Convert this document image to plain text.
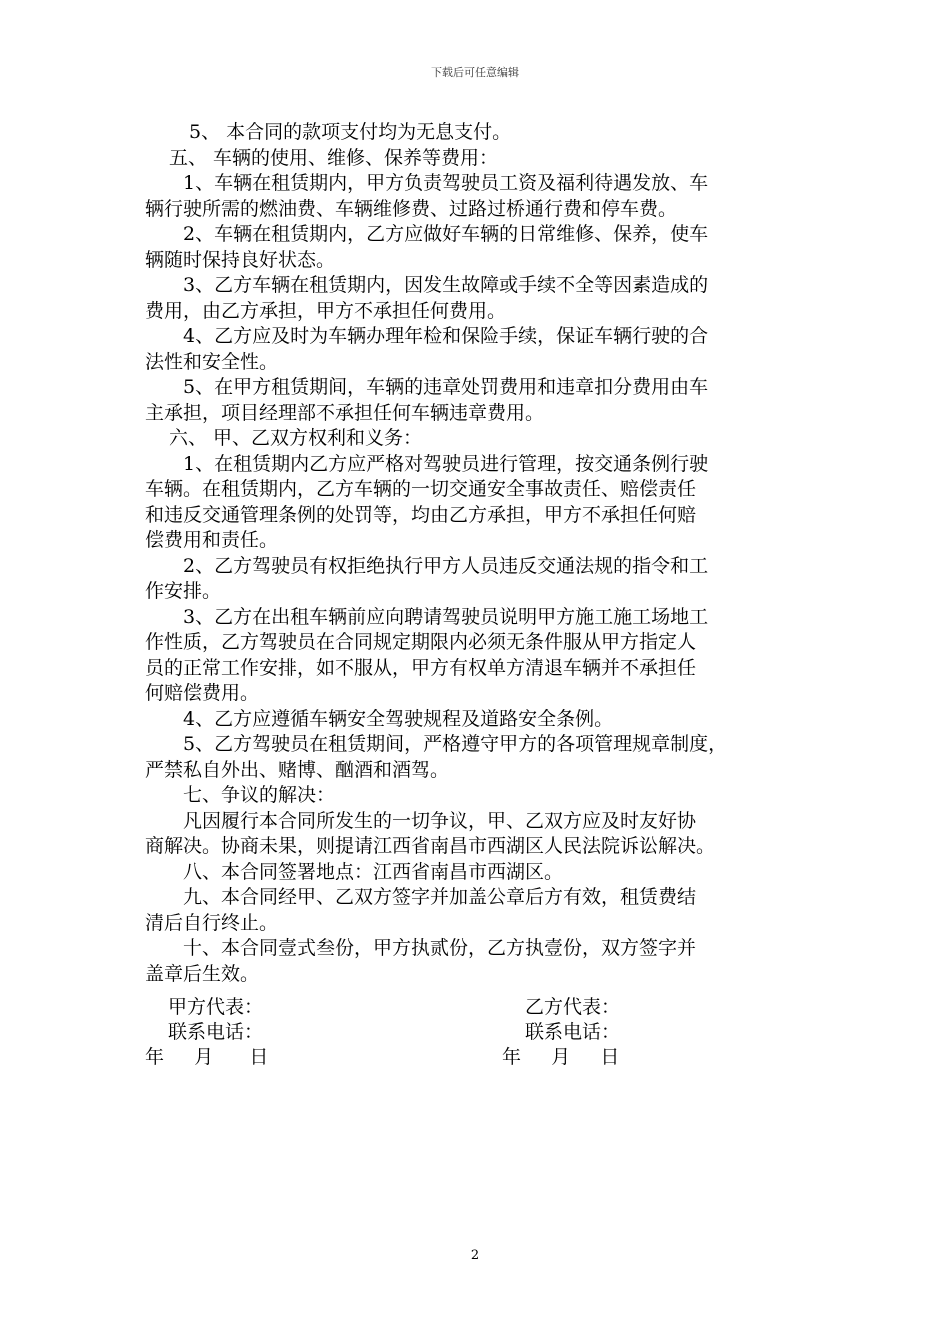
下载后可任意编辑

5、 本合同的款项支付均为无息支付。

五、 车辆的使用、维修、保养等费用：

1、车辆在租赁期内，甲方负责驾驶员工资及福利待遇发放、车

辆行驶所需的燃油费、车辆维修费、过路过桥通行费和停车费。

2、车辆在租赁期内，乙方应做好车辆的日常维修、保养，使车

辆随时保持良好状态。

3、乙方车辆在租赁期内，因发生故障或手续不全等因素造成的

费用，由乙方承担，甲方不承担任何费用。

4、乙方应及时为车辆办理年检和保险手续，保证车辆行驶的合

法性和安全性。

5、在甲方租赁期间，车辆的违章处罚费用和违章扣分费用由车

主承担，项目经理部不承担任何车辆违章费用。

六、 甲、乙双方权利和义务：

1、在租赁期内乙方应严格对驾驶员进行管理，按交通条例行驶

车辆。在租赁期内，乙方车辆的一切交通安全事故责任、赔偿责任

和违反交通管理条例的处罚等，均由乙方承担，甲方不承担任何赔

偿费用和责任。

2、乙方驾驶员有权拒绝执行甲方人员违反交通法规的指令和工

作安排。

3、乙方在出租车辆前应向聘请驾驶员说明甲方施工施工场地工

作性质，乙方驾驶员在合同规定期限内必须无条件服从甲方指定人

员的正常工作安排，如不服从，甲方有权单方清退车辆并不承担任

何赔偿费用。

4、乙方应遵循车辆安全驾驶规程及道路安全条例。

5、乙方驾驶员在租赁期间，严格遵守甲方的各项管理规章制度，

严禁私自外出、赌博、酗酒和酒驾。

七、争议的解决：

凡因履行本合同所发生的一切争议，甲、乙双方应及时友好协

商解决。协商未果，则提请江西省南昌市西湖区人民法院诉讼解决。

八、本合同签署地点：江西省南昌市西湖区。

九、本合同经甲、乙双方签字并加盖公章后方有效，租赁费结

清后自行终止。

十、本合同壹式叁份，甲方执贰份，乙方执壹份，双方签字并

盖章后生效。

甲方代表：	乙方代表：
联系电话：	联系电话：
年     月      日	年     月     日
2
